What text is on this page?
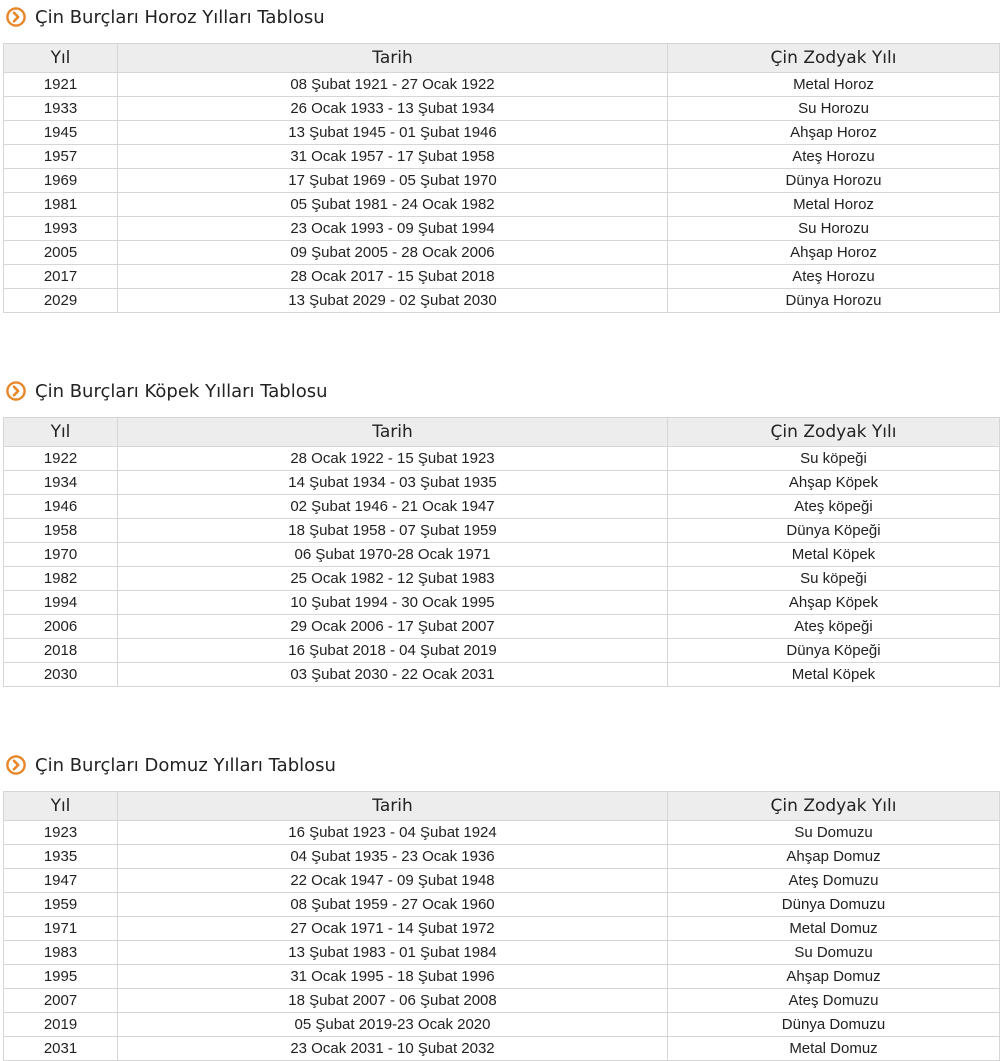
Çin Burçları Horoz Yılları Tablosu
Yıl	Tarih	Çin Zodyak Yılı
1921	08 Şubat 1921 - 27 Ocak 1922	Metal Horoz
1933	26 Ocak 1933 - 13 Şubat 1934	Su Horozu
1945	13 Şubat 1945 - 01 Şubat 1946	Ahşap Horoz
1957	31 Ocak 1957 - 17 Şubat 1958	Ateş Horozu
1969	17 Şubat 1969 - 05 Şubat 1970	Dünya Horozu
1981	05 Şubat 1981 - 24 Ocak 1982	Metal Horoz
1993	23 Ocak 1993 - 09 Şubat 1994	Su Horozu
2005	09 Şubat 2005 - 28 Ocak 2006	Ahşap Horoz
2017	28 Ocak 2017 - 15 Şubat 2018	Ateş Horozu
2029	13 Şubat 2029 - 02 Şubat 2030	Dünya Horozu
Çin Burçları Köpek Yılları Tablosu
Yıl	Tarih	Çin Zodyak Yılı
1922	28 Ocak 1922 - 15 Şubat 1923	Su köpeği
1934	14 Şubat 1934 - 03 Şubat 1935	Ahşap Köpek
1946	02 Şubat 1946 - 21 Ocak 1947	Ateş köpeği
1958	18 Şubat 1958 - 07 Şubat 1959	Dünya Köpeği
1970	06 Şubat 1970-28 Ocak 1971	Metal Köpek
1982	25 Ocak 1982 - 12 Şubat 1983	Su köpeği
1994	10 Şubat 1994 - 30 Ocak 1995	Ahşap Köpek
2006	29 Ocak 2006 - 17 Şubat 2007	Ateş köpeği
2018	16 Şubat 2018 - 04 Şubat 2019	Dünya Köpeği
2030	03 Şubat 2030 - 22 Ocak 2031	Metal Köpek
Çin Burçları Domuz Yılları Tablosu
Yıl	Tarih	Çin Zodyak Yılı
1923	16 Şubat 1923 - 04 Şubat 1924	Su Domuzu
1935	04 Şubat 1935 - 23 Ocak 1936	Ahşap Domuz
1947	22 Ocak 1947 - 09 Şubat 1948	Ateş Domuzu
1959	08 Şubat 1959 - 27 Ocak 1960	Dünya Domuzu
1971	27 Ocak 1971 - 14 Şubat 1972	Metal Domuz
1983	13 Şubat 1983 - 01 Şubat 1984	Su Domuzu
1995	31 Ocak 1995 - 18 Şubat 1996	Ahşap Domuz
2007	18 Şubat 2007 - 06 Şubat 2008	Ateş Domuzu
2019	05 Şubat 2019-23 Ocak 2020	Dünya Domuzu
2031	23 Ocak 2031 - 10 Şubat 2032	Metal Domuz
